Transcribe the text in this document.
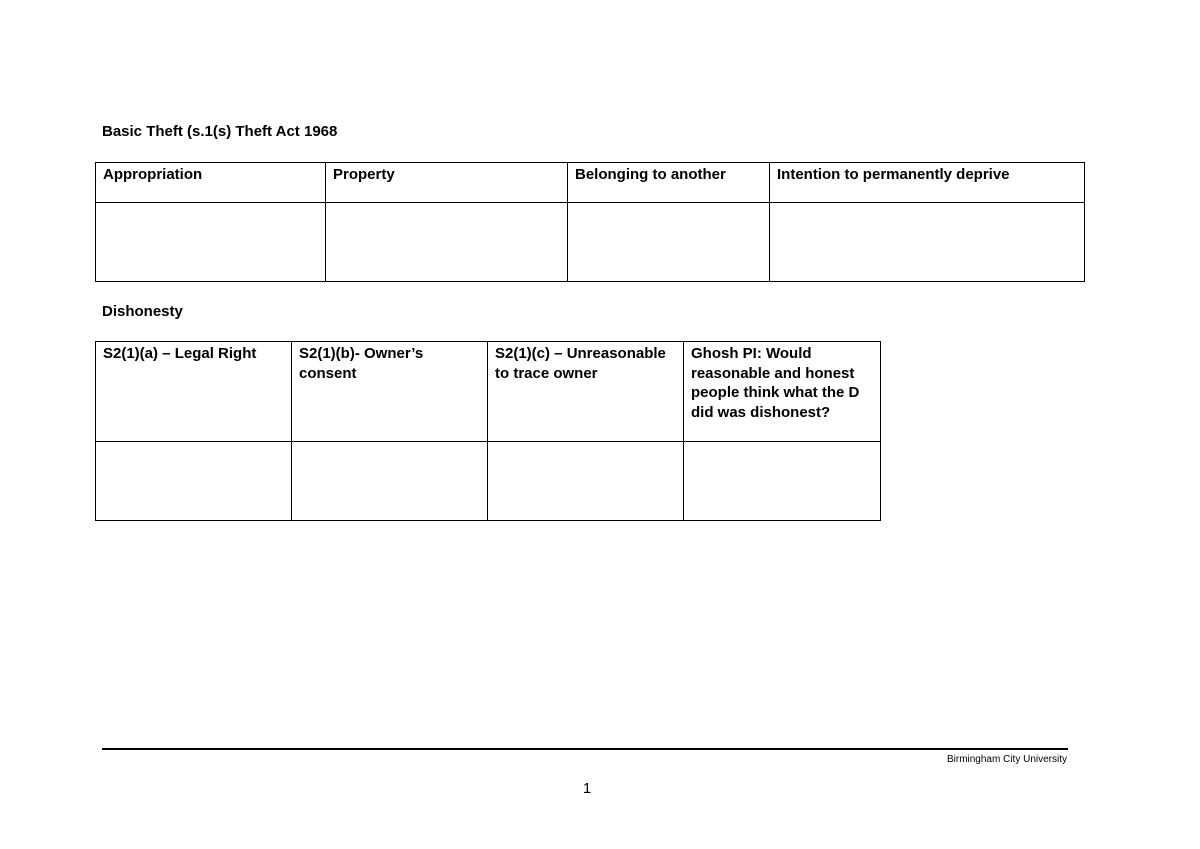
Basic Theft (s.1(s) Theft Act 1968
Appropriation	Property	Belonging to another	Intention to permanently deprive

Dishonesty
S2(1)(a) – Legal Right	S2(1)(b)- Owner’s consent	S2(1)(c) – Unreasonable to trace owner	Ghosh PI: Would reasonable and honest people think what the D did was dishonest?

Birmingham City University
1
